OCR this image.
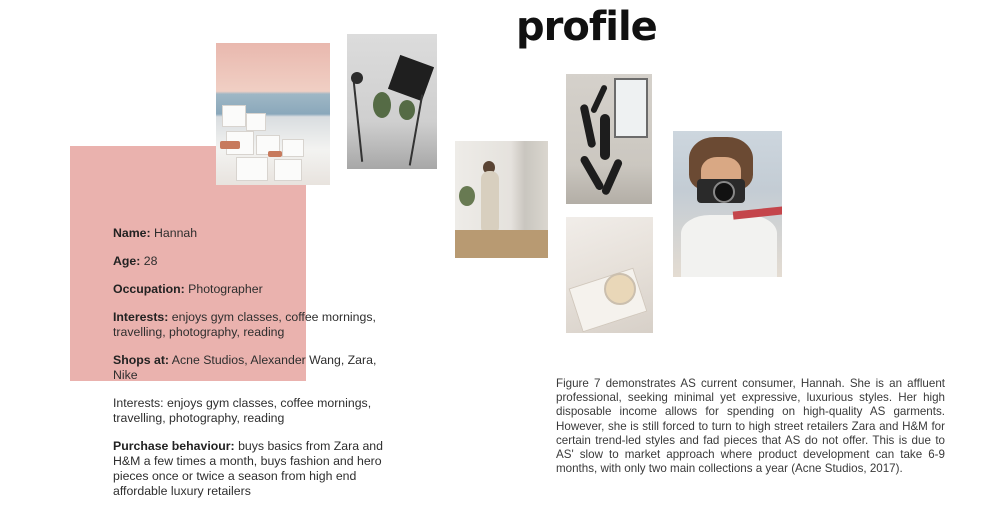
profile
Name: Hannah
Age: 28
Occupation: Photographer
Interests: enjoys gym classes, coffee mornings, travelling, photography, reading
Shops at: Acne Studios, Alexander Wang, Zara, Nike
Interests: enjoys gym classes, coffee mornings, travelling, photography, reading
Purchase behaviour: buys basics from Zara and H&M a few times a month, buys fashion and hero pieces once or twice a season from high end affordable luxury retailers

Figure 7 demonstrates AS current consumer, Hannah. She is an affluent professional, seeking minimal yet expressive, luxurious styles. Her high disposable income allows for spending on high-quality AS garments. However, she is still forced to turn to high street retailers Zara and H&M for certain trend-led styles and fad pieces that AS do not offer. This is due to AS' slow to market approach where product development can take 6-9 months, with only two main collections a year (Acne Studios, 2017).
